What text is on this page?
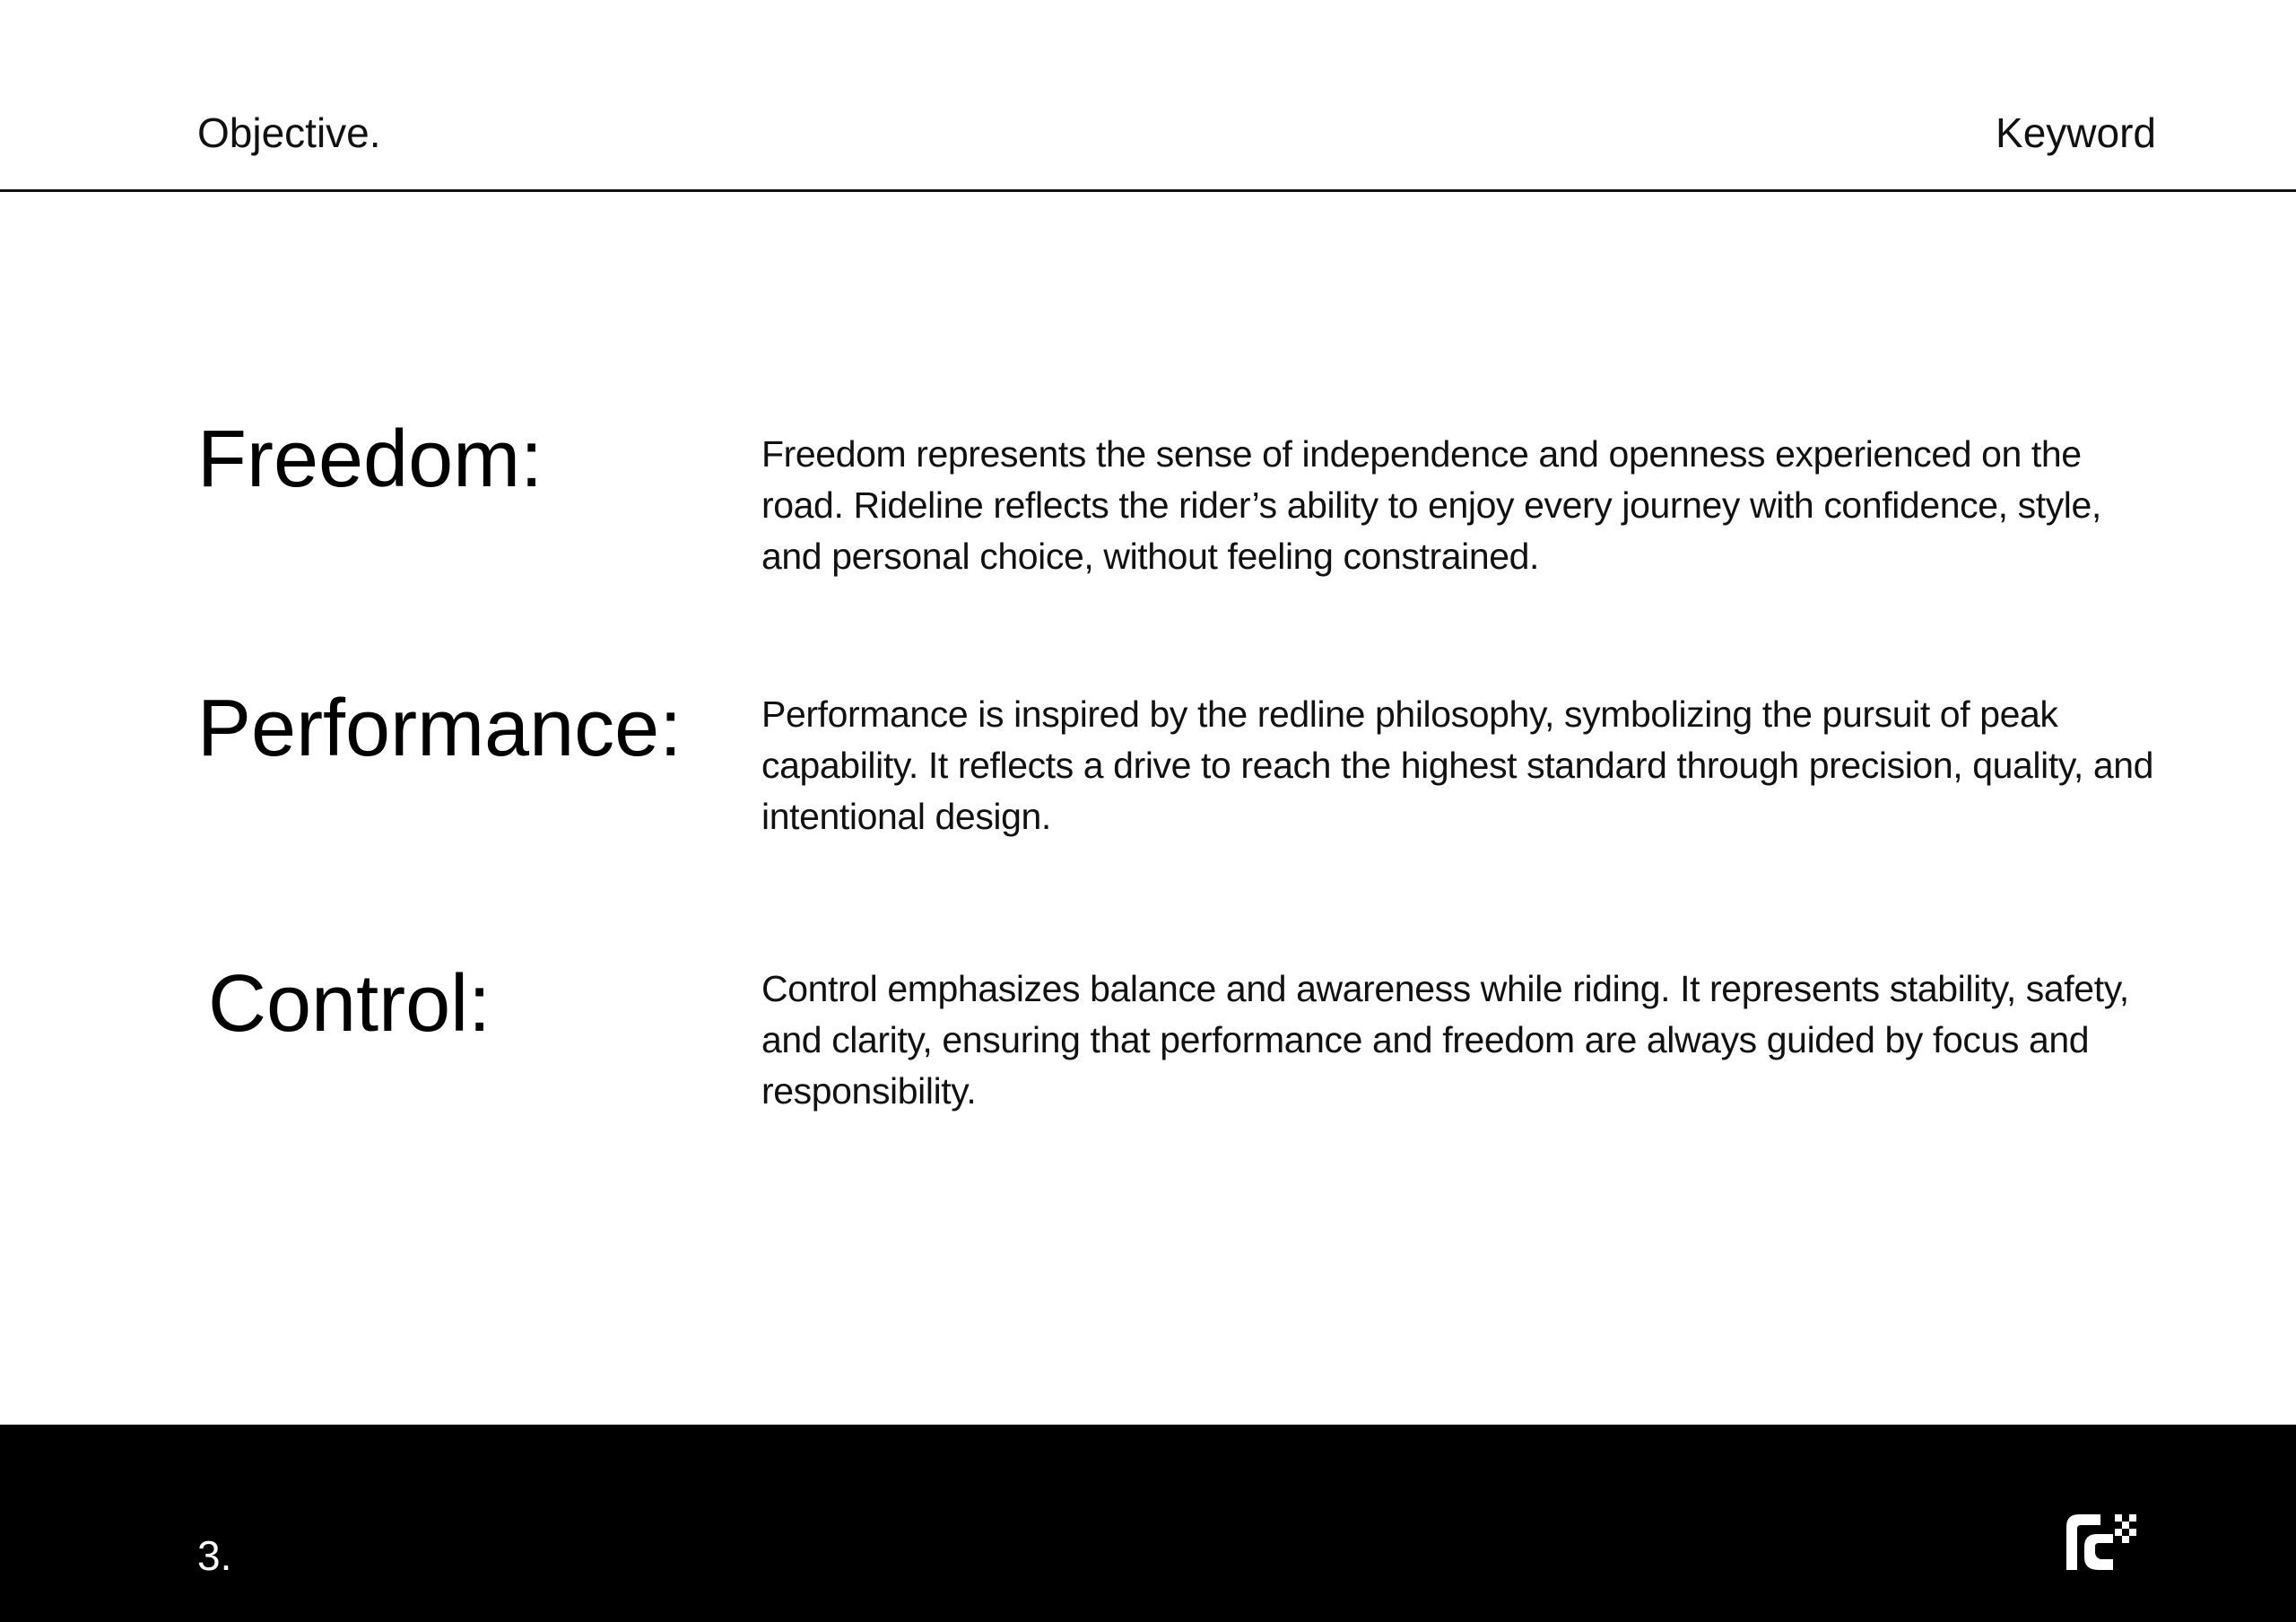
Objective.	Keyword
Freedom:	Freedom represents the sense of independence and openness experienced on the road. Rideline reflects the rider’s ability to enjoy every journey with confidence, style, and personal choice, without feeling constrained.
Performance: Performance is inspired by the redline philosophy, symbolizing the pursuit of peak capability. It reflects a drive to reach the highest standard through precision, quality, and intentional design.
Control:	Control emphasizes balance and awareness while riding. It represents stability, safety, and clarity, ensuring that performance and freedom are always guided by focus and responsibility.
3.
